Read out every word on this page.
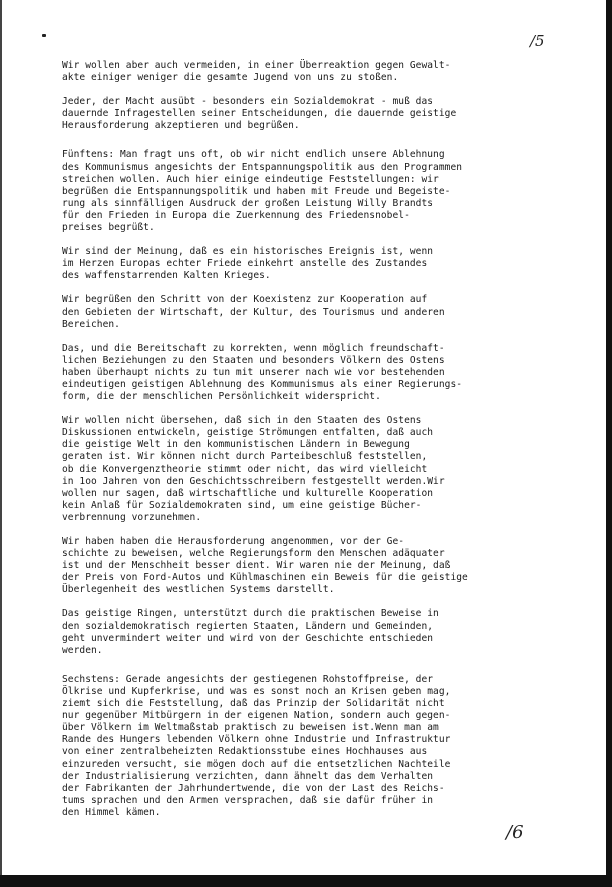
/5
Wir wollen aber auch vermeiden, in einer Überreaktion gegen Gewalt-
akte einiger weniger die gesamte Jugend von uns zu stoßen.
Jeder, der Macht ausübt - besonders ein Sozialdemokrat - muß das
dauernde Infragestellen seiner Entscheidungen, die dauernde geistige
Herausforderung akzeptieren und begrüßen.
Fünftens: Man fragt uns oft, ob wir nicht endlich unsere Ablehnung
des Kommunismus angesichts der Entspannungspolitik aus den Programmen
streichen wollen. Auch hier einige eindeutige Feststellungen: wir
begrüßen die Entspannungspolitik und haben mit Freude und Begeiste-
rung als sinnfälligen Ausdruck der großen Leistung Willy Brandts
für den Frieden in Europa die Zuerkennung des Friedensnobel-
preises begrüßt.
Wir sind der Meinung, daß es ein historisches Ereignis ist, wenn
im Herzen Europas echter Friede einkehrt anstelle des Zustandes
des waffenstarrenden Kalten Krieges.
Wir begrüßen den Schritt von der Koexistenz zur Kooperation auf
den Gebieten der Wirtschaft, der Kultur, des Tourismus und anderen
Bereichen.
Das, und die Bereitschaft zu korrekten, wenn möglich freundschaft-
lichen Beziehungen zu den Staaten und besonders Völkern des Ostens
haben überhaupt nichts zu tun mit unserer nach wie vor bestehenden
eindeutigen geistigen Ablehnung des Kommunismus als einer Regierungs-
form, die der menschlichen Persönlichkeit widerspricht.
Wir wollen nicht übersehen, daß sich in den Staaten des Ostens
Diskussionen entwickeln, geistige Strömungen entfalten, daß auch
die geistige Welt in den kommunistischen Ländern in Bewegung
geraten ist. Wir können nicht durch Parteibeschluß feststellen,
ob die Konvergenztheorie stimmt oder nicht, das wird vielleicht
in 1oo Jahren von den Geschichtsschreibern festgestellt werden.Wir
wollen nur sagen, daß wirtschaftliche und kulturelle Kooperation
kein Anlaß für Sozialdemokraten sind, um eine geistige Bücher-
verbrennung vorzunehmen.
Wir haben haben die Herausforderung angenommen, vor der Ge-
schichte zu beweisen, welche Regierungsform den Menschen adäquater
ist und der Menschheit besser dient. Wir waren nie der Meinung, daß
der Preis von Ford-Autos und Kühlmaschinen ein Beweis für die geistige
Überlegenheit des westlichen Systems darstellt.
Das geistige Ringen, unterstützt durch die praktischen Beweise in
den sozialdemokratisch regierten Staaten, Ländern und Gemeinden,
geht unvermindert weiter und wird von der Geschichte entschieden
werden.
Sechstens: Gerade angesichts der gestiegenen Rohstoffpreise, der
Ölkrise und Kupferkrise, und was es sonst noch an Krisen geben mag,
ziemt sich die Feststellung, daß das Prinzip der Solidarität nicht
nur gegenüber Mitbürgern in der eigenen Nation, sondern auch gegen-
über Völkern im Weltmaßstab praktisch zu beweisen ist.Wenn man am
Rande des Hungers lebenden Völkern ohne Industrie und Infrastruktur
von einer zentralbeheizten Redaktionsstube eines Hochhauses aus
einzureden versucht, sie mögen doch auf die entsetzlichen Nachteile
der Industrialisierung verzichten, dann ähnelt das dem Verhalten
der Fabrikanten der Jahrhundertwende, die von der Last des Reichs-
tums sprachen und den Armen versprachen, daß sie dafür früher in
den Himmel kämen.
/6
